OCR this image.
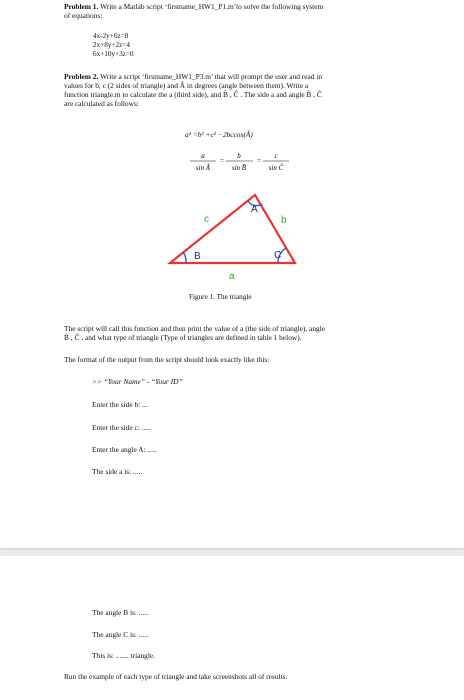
Problem 1. Write a Matlab script ‘firstname_HW1_P1.m’to solve the following system
of equations:
4x-2y+6z=8
2x+8y+2z=4
6x+10y+3z=0
Problem 2. Write a script ‘firstname_HW1_P3.m’ that will prompt the user and read in
values for b, c (2 sides of triangle) and Â in degrees (angle between them). Write a
function triangle.m to calculate the a (third side), and B̂ , Ĉ . The side a and angle B̂ , Ĉ
are calculated as follows:
a² =b² +c² −2bccos(Â)
a
sin Â
=
b
sin B̂
=
c
sin Ĉ
B
A
C
c	b
a
Figure 1. The triangle
The script will call this function and then print the value of a (the side of triangle), angle
B̂ , Ĉ , and what type of triangle (Type of triangles are defined in table 1 below).
The format of the output from the script should look exactly like this:
>> “Your Name” - “Your ID”
Enter the side b: ...
Enter the side c: .....
Enter the angle A: .....
The side a is: .....
The angle B is: .....
The angle C is: .....
This is: ....... triangle.
Run the example of each type of triangle and take screenshots all of results.
